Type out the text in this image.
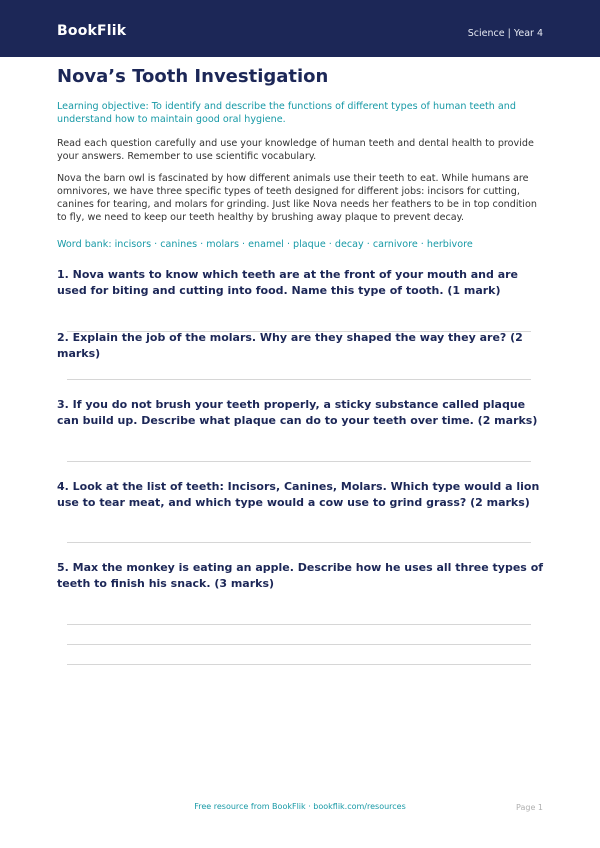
BookFlik	Science | Year 4
Nova’s Tooth Investigation
Learning objective: To identify and describe the functions of different types of human teeth and understand how to maintain good oral hygiene.
Read each question carefully and use your knowledge of human teeth and dental health to provide your answers. Remember to use scientific vocabulary.
Nova the barn owl is fascinated by how different animals use their teeth to eat. While humans are omnivores, we have three specific types of teeth designed for different jobs: incisors for cutting, canines for tearing, and molars for grinding. Just like Nova needs her feathers to be in top condition to fly, we need to keep our teeth healthy by brushing away plaque to prevent decay.
Word bank: incisors · canines · molars · enamel · plaque · decay · carnivore · herbivore
1. Nova wants to know which teeth are at the front of your mouth and are used for biting and cutting into food. Name this type of tooth. (1 mark)
2. Explain the job of the molars. Why are they shaped the way they are? (2 marks)
3. If you do not brush your teeth properly, a sticky substance called plaque can build up. Describe what plaque can do to your teeth over time. (2 marks)
4. Look at the list of teeth: Incisors, Canines, Molars. Which type would a lion use to tear meat, and which type would a cow use to grind grass? (2 marks)
5. Max the monkey is eating an apple. Describe how he uses all three types of teeth to finish his snack. (3 marks)
Free resource from BookFlik · bookflik.com/resources	Page 1
